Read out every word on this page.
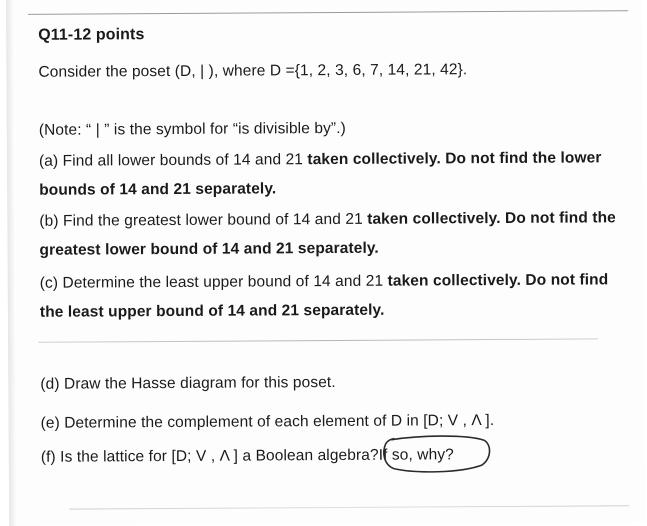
Q11-12 points
Consider the poset (D, | ), where D ={1, 2, 3, 6, 7, 14, 21, 42}.
(Note: “ | ” is the symbol for “is divisible by”.)
(a) Find all lower bounds of 14 and 21 taken collectively. Do not find the lower
bounds of 14 and 21 separately.
(b) Find the greatest lower bound of 14 and 21 taken collectively. Do not find the
greatest lower bound of 14 and 21 separately.
(c) Determine the least upper bound of 14 and 21 taken collectively. Do not find
the least upper bound of 14 and 21 separately.
(d) Draw the Hasse diagram for this poset.
(e) Determine the complement of each element of D in [D; V , Λ ].
(f) Is the lattice for [D; V , Λ ] a Boolean algebra?If so, why?
